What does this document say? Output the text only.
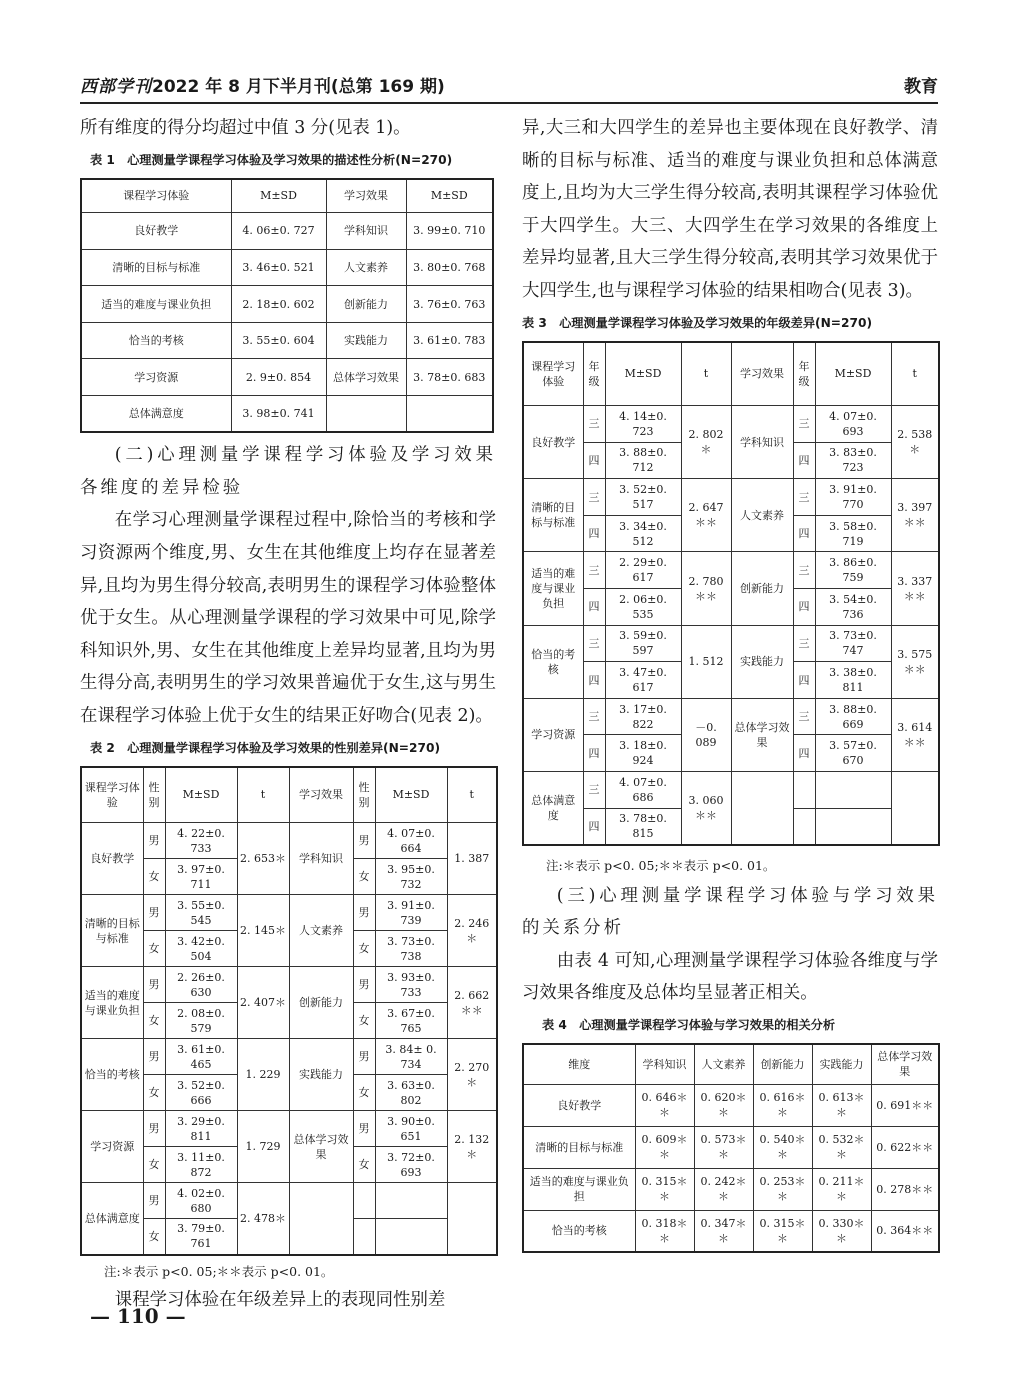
西部学刊2022 年 8 月下半月刊(总第 169 期)	教育

所有维度的得分均超过中值 3 分(见表 1)。

表 1　心理测量学课程学习体验及学习效果的描述性分析(N=270)
课程学习体验	M±SD	学习效果	M±SD
良好教学	4. 06±0. 727	学科知识	3. 99±0. 710
清晰的目标与标准	3. 46±0. 521	人文素养	3. 80±0. 768
适当的难度与课业负担	2. 18±0. 602	创新能力	3. 76±0. 763
恰当的考核	3. 55±0. 604	实践能力	3. 61±0. 783
学习资源	2. 9±0. 854	总体学习效果	3. 78±0. 683
总体满意度	3. 98±0. 741		

(二)心理测量学课程学习体验及学习效果各维度的差异检验

在学习心理测量学课程过程中,除恰当的考核和学习资源两个维度,男、女生在其他维度上均存在显著差异,且均为男生得分较高,表明男生的课程学习体验整体优于女生。从心理测量学课程的学习效果中可见,除学科知识外,男、女生在其他维度上差异均显著,且均为男生得分高,表明男生的学习效果普遍优于女生,这与男生在课程学习体验上优于女生的结果正好吻合(见表 2)。

表 2　心理测量学课程学习体验及学习效果的性别差异(N=270)
课程学习体验	性别	M±SD	t	学习效果	性别	M±SD	t
良好教学	男	4. 22±0. 733	2. 653＊	学科知识	男	4. 07±0. 664	1. 387
	女	3. 97±0. 711			女	3. 95±0. 732	
清晰的目标与标准	男	3. 55±0. 545	2. 145＊	人文素养	男	3. 91±0. 739	2. 246＊
	女	3. 42±0. 504			女	3. 73±0. 738	
适当的难度与课业负担	男	2. 26±0. 630	2. 407＊	创新能力	男	3. 93±0. 733	2. 662＊＊
	女	2. 08±0. 579			女	3. 67±0. 765	
恰当的考核	男	3. 61±0. 465	1. 229	实践能力	男	3. 84± 0. 734	2. 270＊
	女	3. 52±0. 666			女	3. 63±0. 802	
学习资源	男	3. 29±0. 811	1. 729	总体学习效果	男	3. 90±0. 651	2. 132＊
	女	3. 11±0. 872			女	3. 72±0. 693	
总体满意度	男	4. 02±0. 680	2. 478＊				
	女	3. 79±0. 761					
注:＊表示 p<0. 05;＊＊表示 p<0. 01。

课程学习体验在年级差异上的表现同性别差

异,大三和大四学生的差异也主要体现在良好教学、清晰的目标与标准、适当的难度与课业负担和总体满意度上,且均为大三学生得分较高,表明其课程学习体验优于大四学生。大三、大四学生在学习效果的各维度上差异均显著,且大三学生得分较高,表明其学习效果优于大四学生,也与课程学习体验的结果相吻合(见表 3)。

表 3　心理测量学课程学习体验及学习效果的年级差异(N=270)
课程学习体验	年级	M±SD	t	学习效果	年级	M±SD	t
良好教学	三	4. 14±0. 723	2. 802＊	学科知识	三	4. 07±0. 693	2. 538＊
	四	3. 88±0. 712			四	3. 83±0. 723	
清晰的目标与标准	三	3. 52±0. 517	2. 647＊＊	人文素养	三	3. 91±0. 770	3. 397＊＊
	四	3. 34±0. 512			四	3. 58±0. 719	
适当的难度与课业负担	三	2. 29±0. 617	2. 780＊＊	创新能力	三	3. 86±0. 759	3. 337＊＊
	四	2. 06±0. 535			四	3. 54±0. 736	
恰当的考核	三	3. 59±0. 597	1. 512	实践能力	三	3. 73±0. 747	3. 575＊＊
	四	3. 47±0. 617			四	3. 38±0. 811	
学习资源	三	3. 17±0. 822	－0. 089	总体学习效果	三	3. 88±0. 669	3. 614＊＊
	四	3. 18±0. 924			四	3. 57±0. 670	
总体满意度	三	4. 07±0. 686	3. 060＊＊				
	四	3. 78±0. 815					
注:＊表示 p<0. 05;＊＊表示 p<0. 01。

(三)心理测量学课程学习体验与学习效果的关系分析

由表 4 可知,心理测量学课程学习体验各维度与学习效果各维度及总体均呈显著正相关。

表 4　心理测量学课程学习体验与学习效果的相关分析
维度	学科知识	人文素养	创新能力	实践能力	总体学习效果
良好教学	0. 646＊＊	0. 620＊＊	0. 616＊＊	0. 613＊＊	0. 691＊＊
清晰的目标与标准	0. 609＊＊	0. 573＊＊	0. 540＊＊	0. 532＊＊	0. 622＊＊
适当的难度与课业负担	0. 315＊＊	0. 242＊＊	0. 253＊＊	0. 211＊＊	0. 278＊＊
恰当的考核	0. 318＊＊	0. 347＊＊	0. 315＊＊	0. 330＊＊	0. 364＊＊
— 110 —
